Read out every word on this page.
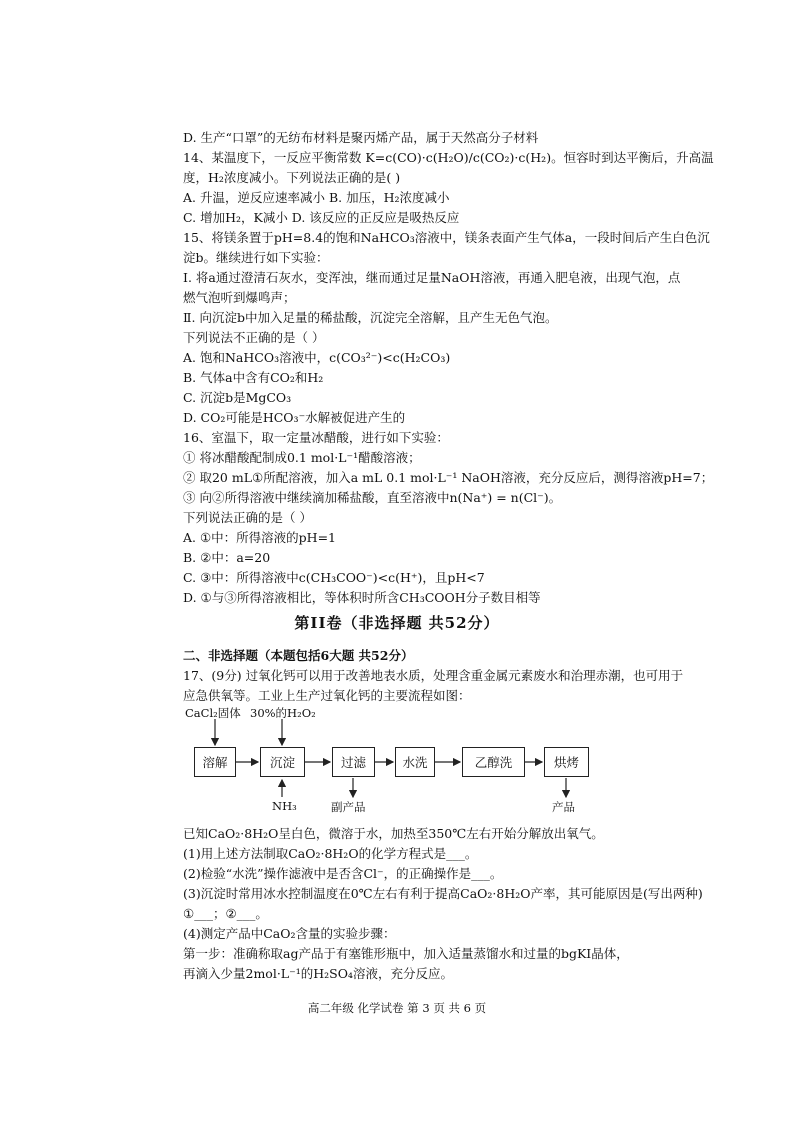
D. 生产“口罩”的无纺布材料是聚丙烯产品，属于天然高分子材料
14、某温度下，一反应平衡常数 K=c(CO)·c(H₂O)/c(CO₂)·c(H₂)。恒容时到达平衡后，升高温
度，H₂浓度减小。下列说法正确的是( )
A. 升温，逆反应速率减小 B. 加压，H₂浓度减小
C. 增加H₂，K减小 D. 该反应的正反应是吸热反应
15、将镁条置于pH=8.4的饱和NaHCO₃溶液中，镁条表面产生气体a，一段时间后产生白色沉
淀b。继续进行如下实验：
Ⅰ. 将a通过澄清石灰水，变浑浊，继而通过足量NaOH溶液，再通入肥皂液，出现气泡，点
燃气泡听到爆鸣声；
Ⅱ. 向沉淀b中加入足量的稀盐酸，沉淀完全溶解，且产生无色气泡。
下列说法不正确的是（ ）
A. 饱和NaHCO₃溶液中，c(CO₃²⁻)<c(H₂CO₃)
B. 气体a中含有CO₂和H₂
C. 沉淀b是MgCO₃
D. CO₂可能是HCO₃⁻水解被促进产生的
16、室温下，取一定量冰醋酸，进行如下实验：
① 将冰醋酸配制成0.1 mol·L⁻¹醋酸溶液；
② 取20 mL①所配溶液，加入a mL 0.1 mol·L⁻¹ NaOH溶液，充分反应后，测得溶液pH=7；
③ 向②所得溶液中继续滴加稀盐酸，直至溶液中n(Na⁺) = n(Cl⁻)。
下列说法正确的是（ ）
A. ①中：所得溶液的pH=1
B. ②中：a=20
C. ③中：所得溶液中c(CH₃COO⁻)<c(H⁺)，且pH<7
D. ①与③所得溶液相比，等体积时所含CH₃COOH分子数目相等
第II卷（非选择题 共52分）
二、非选择题（本题包括6大题 共52分）
17、(9分) 过氧化钙可以用于改善地表水质，处理含重金属元素废水和治理赤潮，也可用于
应急供氧等。工业上生产过氧化钙的主要流程如图：
CaCl₂固体 30%的H₂O₂
溶解	沉淀	过滤	水洗	乙醇洗	烘烤
NH₃	副产品	产品
已知CaO₂·8H₂O呈白色，微溶于水，加热至350℃左右开始分解放出氧气。
(1)用上述方法制取CaO₂·8H₂O的化学方程式是___。
(2)检验“水洗”操作滤液中是否含Cl⁻，的正确操作是___。
(3)沉淀时常用冰水控制温度在0℃左右有利于提高CaO₂·8H₂O产率，其可能原因是(写出两种)
①___；②___。
(4)测定产品中CaO₂含量的实验步骤：
第一步：准确称取ag产品于有塞锥形瓶中，加入适量蒸馏水和过量的bgKI晶体，
再滴入少量2mol·L⁻¹的H₂SO₄溶液，充分反应。
高二年级 化学试卷 第 3 页 共 6 页
